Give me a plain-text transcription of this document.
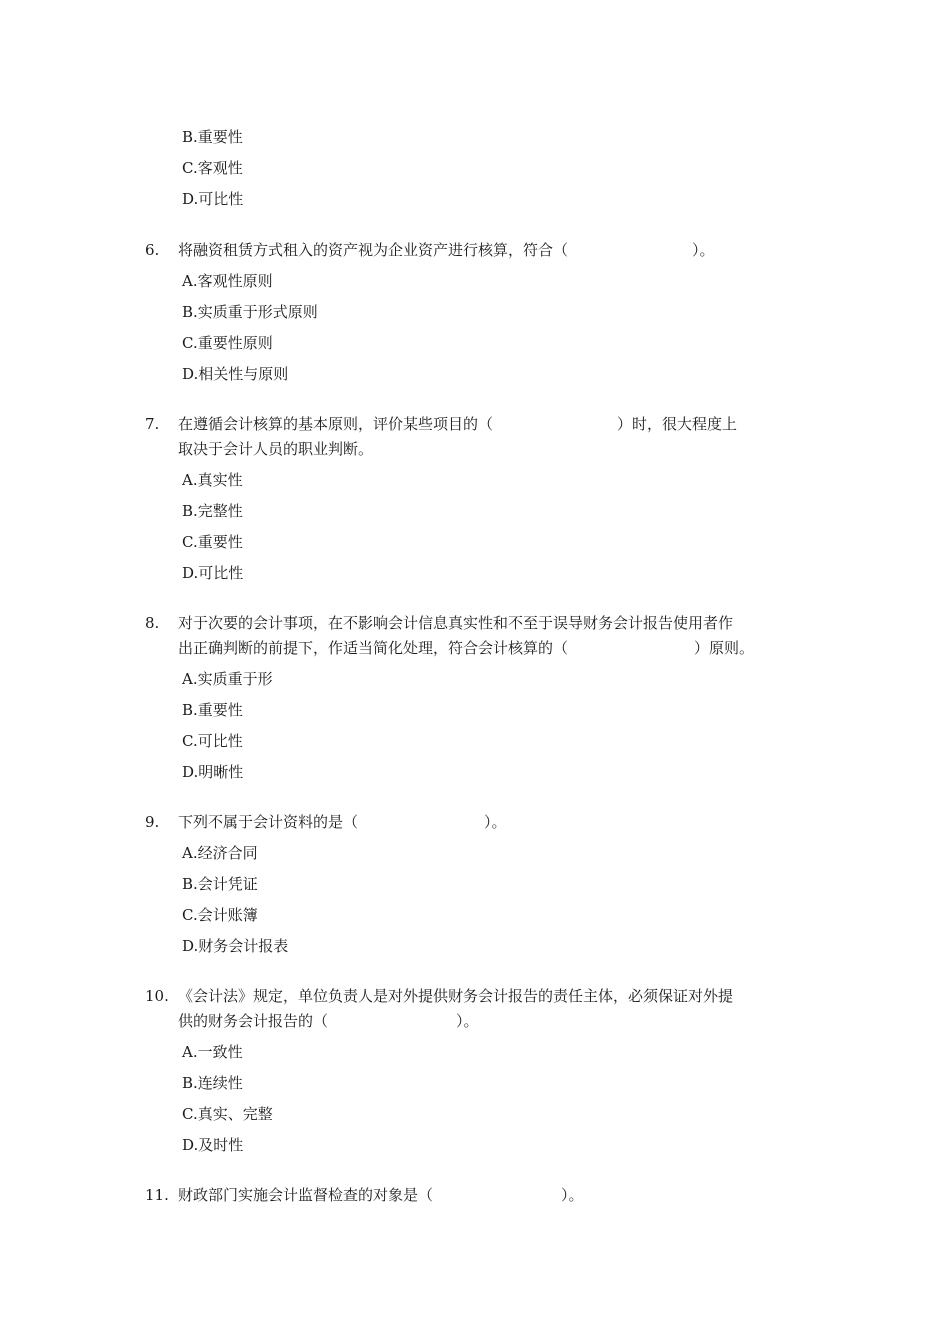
B.重要性
C.客观性
D.可比性
6. 将融资租赁方式租入的资产视为企业资产进行核算，符合（	）。
A.客观性原则
B.实质重于形式原则
C.重要性原则
D.相关性与原则
7. 在遵循会计核算的基本原则，评价某些项目的（	）时，很大程度上
取决于会计人员的职业判断。
A.真实性
B.完整性
C.重要性
D.可比性
8. 对于次要的会计事项，在不影响会计信息真实性和不至于误导财务会计报告使用者作
出正确判断的前提下，作适当简化处理，符合会计核算的（	）原则。
A.实质重于形
B.重要性
C.可比性
D.明晰性
9. 下列不属于会计资料的是（	）。
A.经济合同
B.会计凭证
C.会计账簿
D.财务会计报表
10. 《会计法》规定，单位负责人是对外提供财务会计报告的责任主体，必须保证对外提
供的财务会计报告的（	）。
A.一致性
B.连续性
C.真实、完整
D.及时性
11. 财政部门实施会计监督检查的对象是（	）。
